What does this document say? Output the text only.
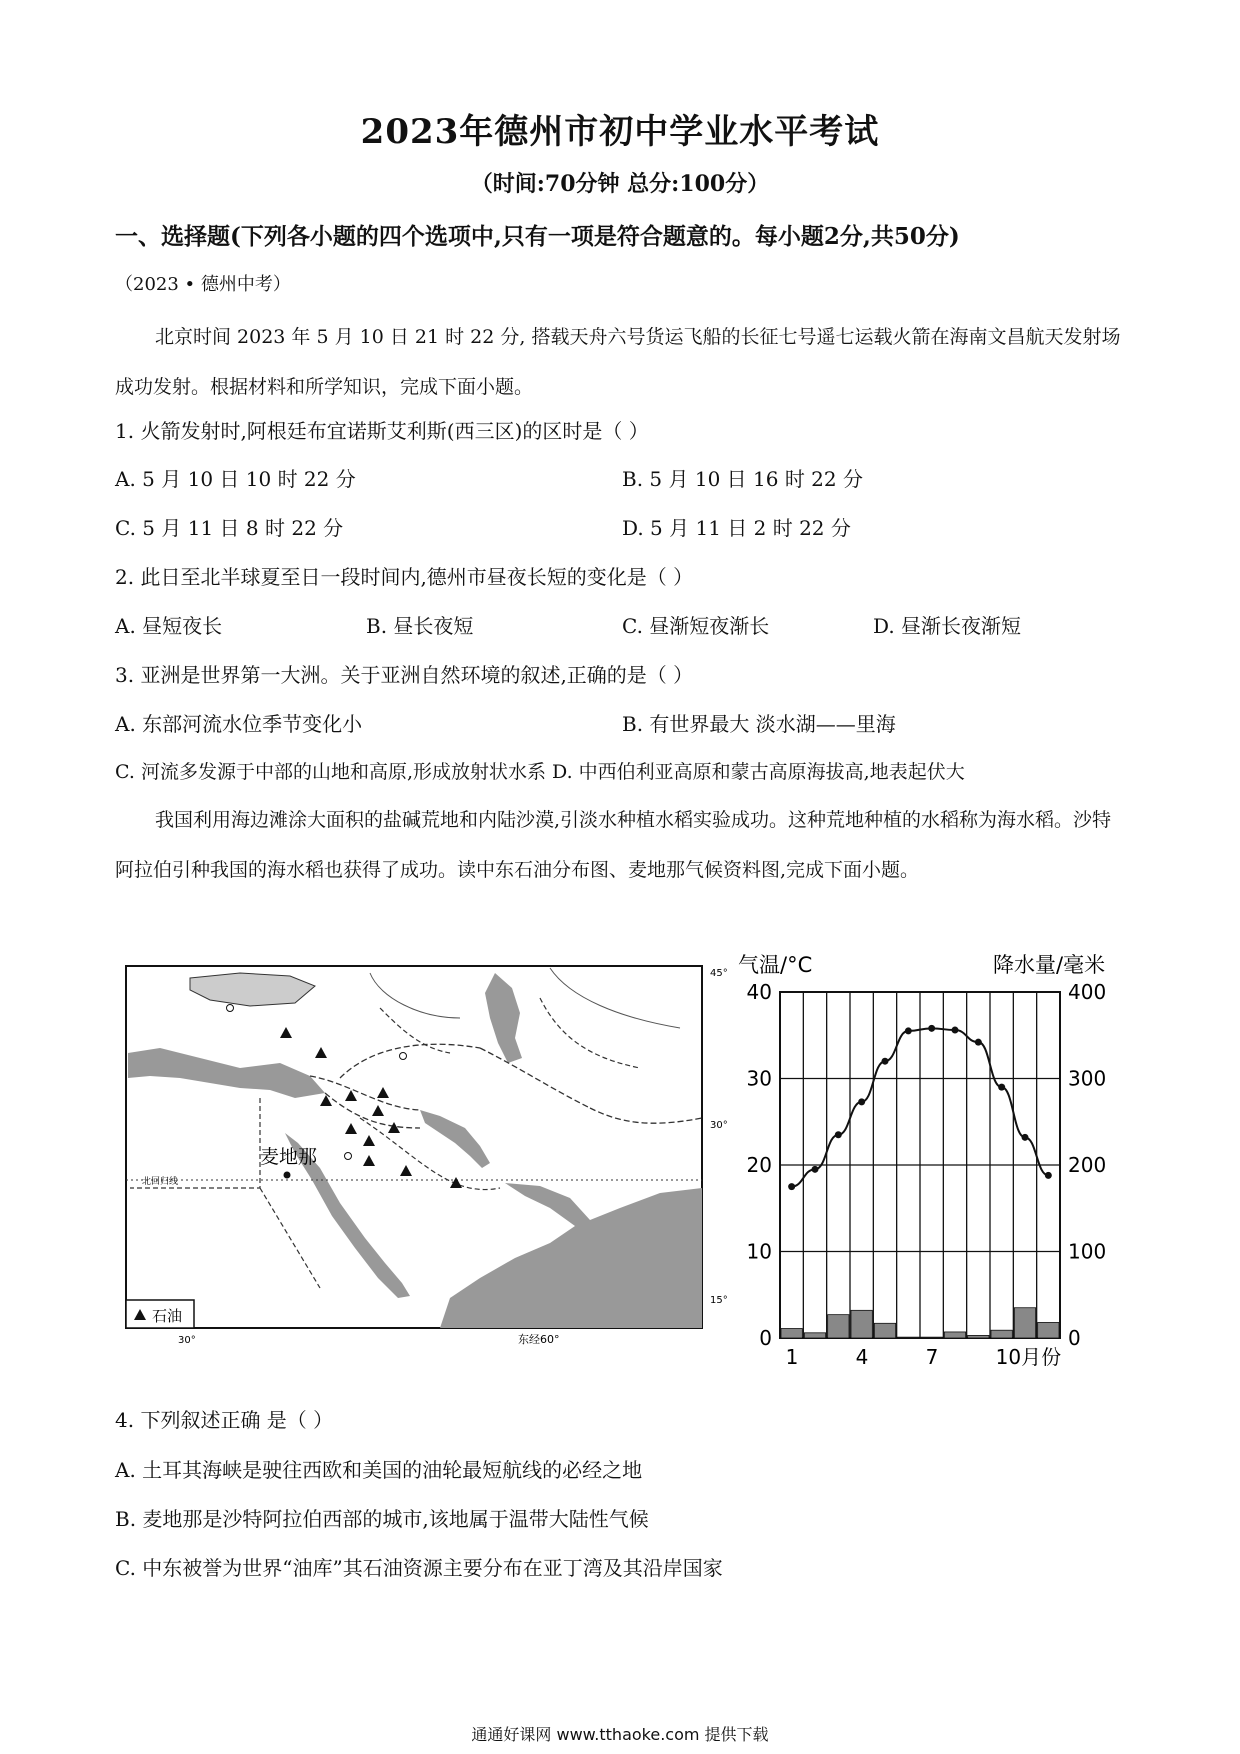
2023年德州市初中学业水平考试
（时间:70分钟 总分:100分）
一、选择题(下列各小题的四个选项中,只有一项是符合题意的。每小题2分,共50分)
（2023 • 德州中考）
北京时间 2023 年 5 月 10 日 21 时 22 分, 搭载天舟六号货运飞船的长征七号遥七运载火箭在海南文昌航天发射场成功发射。根据材料和所学知识，完成下面小题。
1. 火箭发射时,阿根廷布宜诺斯艾利斯(西三区)的区时是（ ）
A. 5 月 10 日 10 时 22 分	B. 5 月 10 日 16 时 22 分
C. 5 月 11 日 8 时 22 分	D. 5 月 11 日 2 时 22 分
2. 此日至北半球夏至日一段时间内,德州市昼夜长短的变化是（ ）
A. 昼短夜长	B. 昼长夜短	C. 昼渐短夜渐长	D. 昼渐长夜渐短
3. 亚洲是世界第一大洲。关于亚洲自然环境的叙述,正确的是（ ）
A. 东部河流水位季节变化小	B. 有世界最大 淡水湖——里海
C. 河流多发源于中部的山地和高原,形成放射状水系 D. 中西伯利亚高原和蒙古高原海拔高,地表起伏大
我国利用海边滩涂大面积的盐碱荒地和内陆沙漠,引淡水种植水稻实验成功。这种荒地种植的水稻称为海水稻。沙特阿拉伯引种我国的海水稻也获得了成功。读中东石油分布图、麦地那气候资料图,完成下面小题。
麦地那
北回归线
45°
30°
15°
30°	东经60°
石油
气温/°C	降水量/毫米
40
30
20
10
0
400
300
200
100
0
1	4	7	10月份
4. 下列叙述正确 是（ ）
A. 土耳其海峡是驶往西欧和美国的油轮最短航线的必经之地
B. 麦地那是沙特阿拉伯西部的城市,该地属于温带大陆性气候
C. 中东被誉为世界“油库”其石油资源主要分布在亚丁湾及其沿岸国家
通通好课网 www.tthaoke.com 提供下载
